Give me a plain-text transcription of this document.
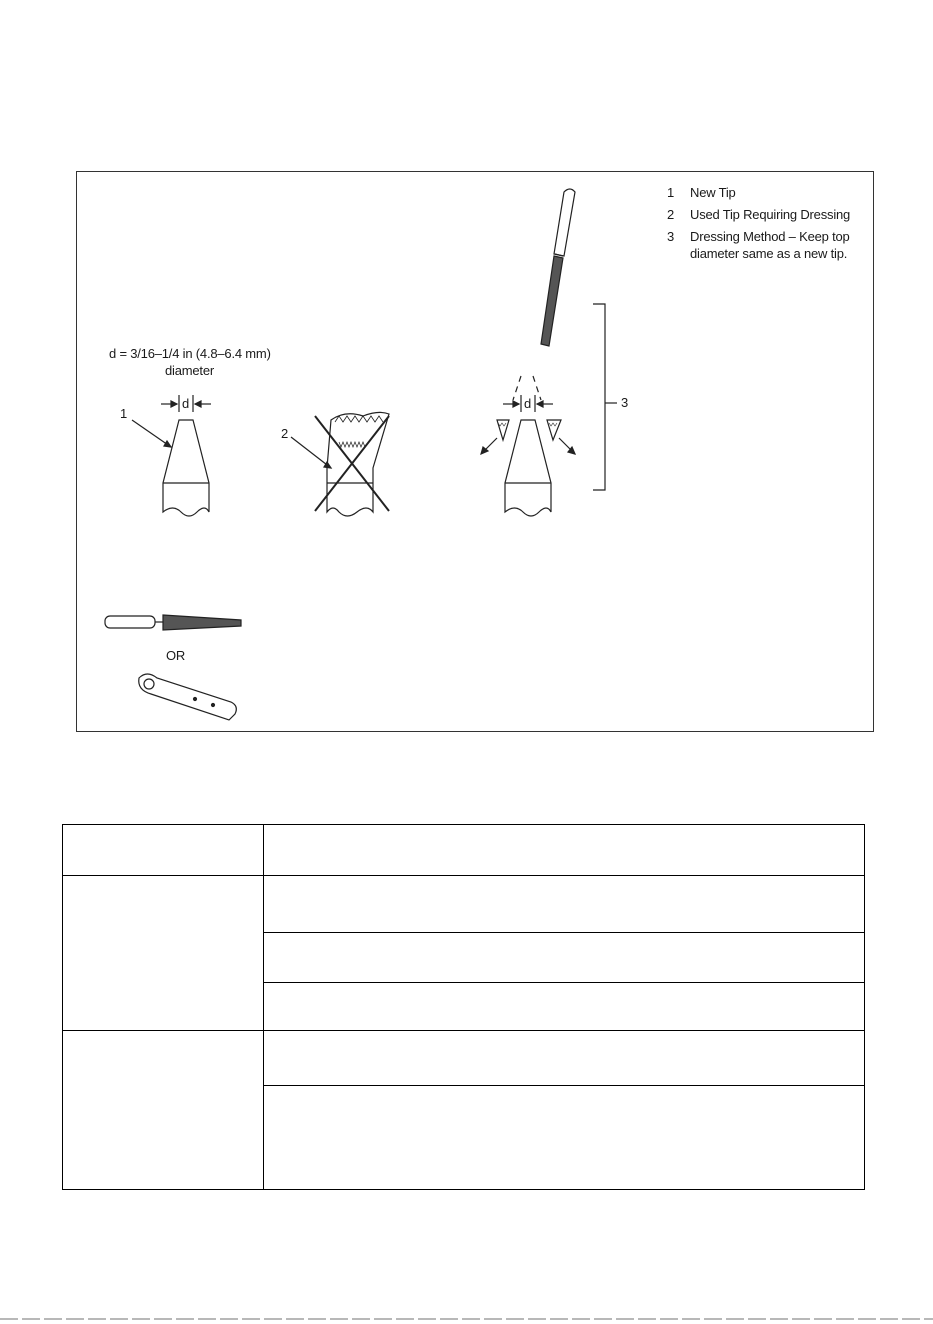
1	New Tip
2	Used Tip Requiring Dressing
3	Dressing Method – Keep top diameter same as a new tip.
d = 3/16–1/4 in (4.8–6.4 mm)
diameter
d	d
1
2
3
OR
